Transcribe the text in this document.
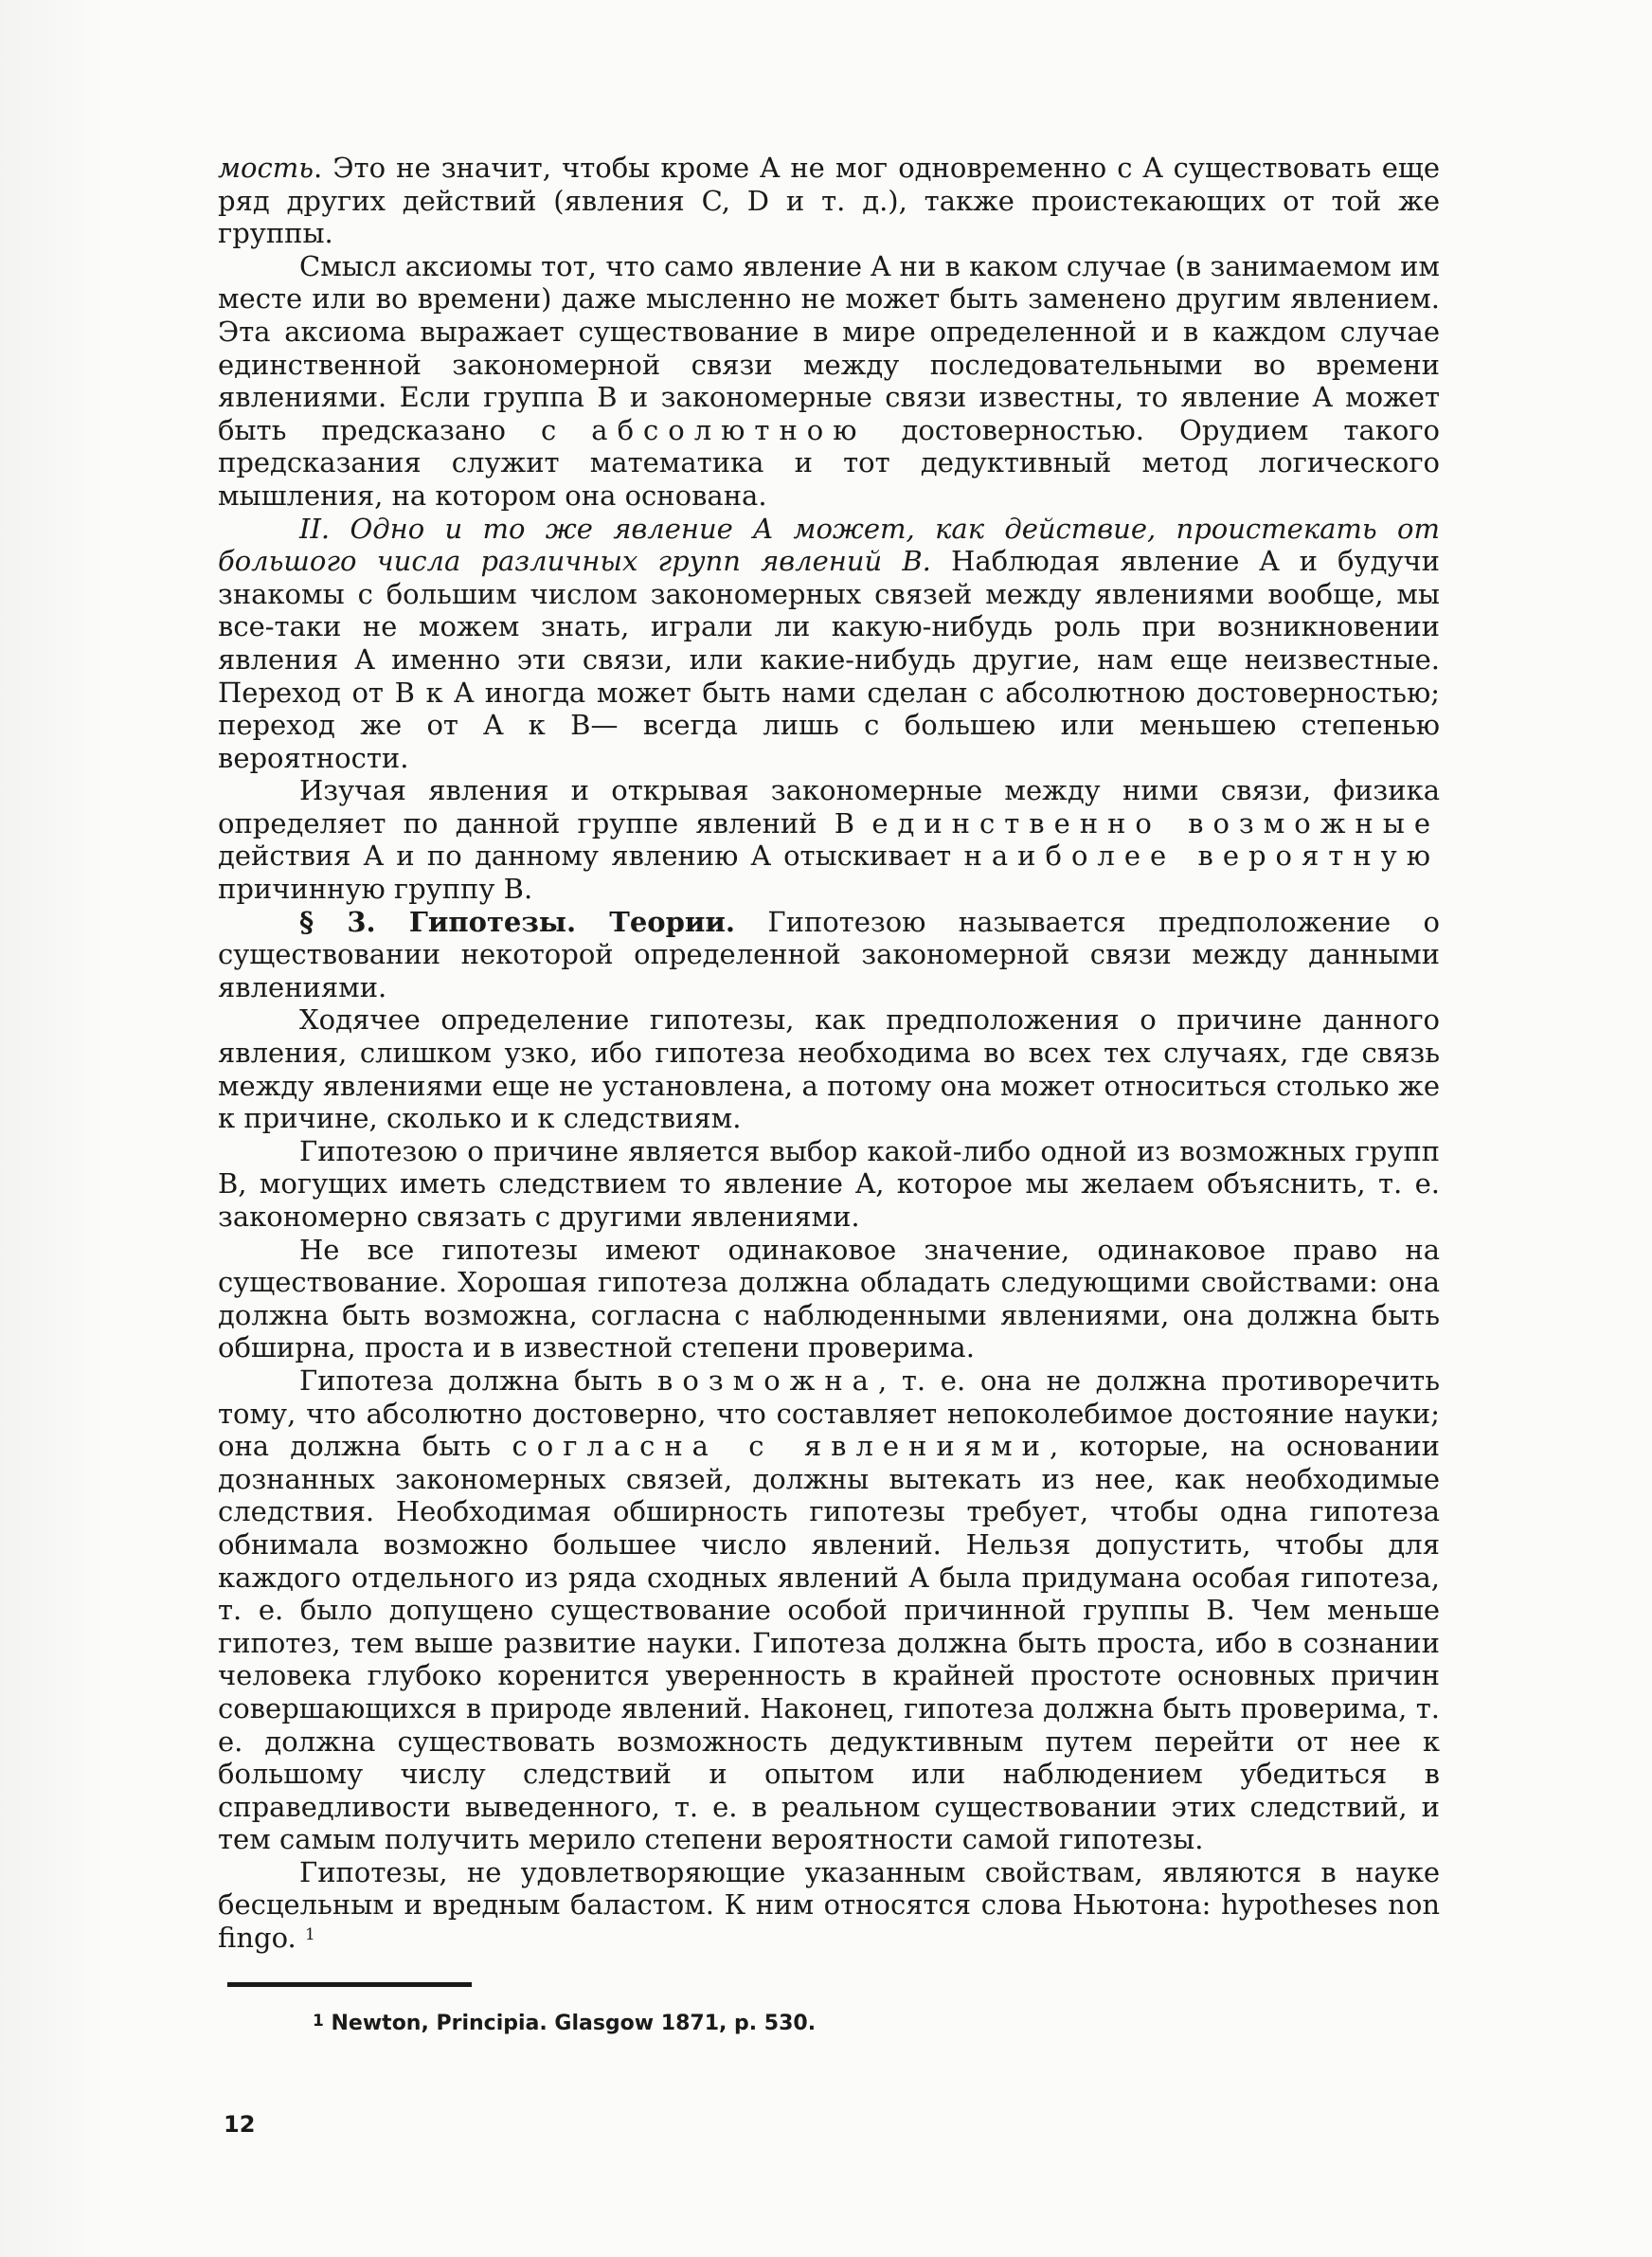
мость. Это не значит, чтобы кроме A не мог одновременно с A существовать еще ряд других действий (явления C, D и т. д.), также проистекающих от той же группы.

Смысл аксиомы тот, что само явление A ни в каком случае (в занимаемом им месте или во времени) даже мысленно не может быть заменено другим явлением. Эта аксиома выражает существование в мире определенной и в каждом случае единственной закономерной связи между последовательными во времени явлениями. Если группа B и закономерные связи известны, то явление A может быть предсказано с абсолютною достоверностью. Орудием такого предсказания служит математика и тот дедуктивный метод логического мышления, на котором она основана.

II. Одно и то же явление A может, как действие, проистекать от большого числа различных групп явлений B. Наблюдая явление A и будучи знакомы с большим числом закономерных связей между явлениями вообще, мы все-таки не можем знать, играли ли какую-нибудь роль при возникновении явления A именно эти связи, или какие-нибудь другие, нам еще неизвестные. Переход от B к A иногда может быть нами сделан с абсолютною достоверностью; переход же от A к B— всегда лишь с большею или меньшею степенью вероятности.

Изучая явления и открывая закономерные между ними связи, физика определяет по данной группе явлений B единственно возможные действия A и по данному явлению A отыскивает наиболее вероятную причинную группу B.

§ 3. Гипотезы. Теории. Гипотезою называется предположение о существовании некоторой определенной закономерной связи между данными явлениями.

Ходячее определение гипотезы, как предположения о причине данного явления, слишком узко, ибо гипотеза необходима во всех тех случаях, где связь между явлениями еще не установлена, а потому она может относиться столько же к причине, сколько и к следствиям.

Гипотезою о причине является выбор какой-либо одной из возможных групп B, могущих иметь следствием то явление A, которое мы желаем объяснить, т. е. закономерно связать с другими явлениями.

Не все гипотезы имеют одинаковое значение, одинаковое право на существование. Хорошая гипотеза должна обладать следующими свойствами: она должна быть возможна, согласна с наблюденными явлениями, она должна быть обширна, проста и в известной степени проверима.

Гипотеза должна быть возможна, т. е. она не должна противоречить тому, что абсолютно достоверно, что составляет непоколебимое достояние науки; она должна быть согласна с явлениями, которые, на основании дознанных закономерных связей, должны вытекать из нее, как необходимые следствия. Необходимая обширность гипотезы требует, чтобы одна гипотеза обнимала возможно большее число явлений. Нельзя допустить, чтобы для каждого отдельного из ряда сходных явлений A была придумана особая гипотеза, т. е. было допущено существование особой причинной группы B. Чем меньше гипотез, тем выше развитие науки. Гипотеза должна быть проста, ибо в сознании человека глубоко коренится уверенность в крайней простоте основных причин совершающихся в природе явлений. Наконец, гипотеза должна быть проверима, т. е. должна существовать возможность дедуктивным путем перейти от нее к большому числу следствий и опытом или наблюдением убедиться в справедливости выведенного, т. е. в реальном существовании этих следствий, и тем самым получить мерило степени вероятности самой гипотезы.

Гипотезы, не удовлетворяющие указанным свойствам, являются в науке бесцельным и вредным баластом. К ним относятся слова Ньютона: hypotheses non fingo. $^1$

$^1$ Newton, Principia. Glasgow 1871, p. 530.
12
